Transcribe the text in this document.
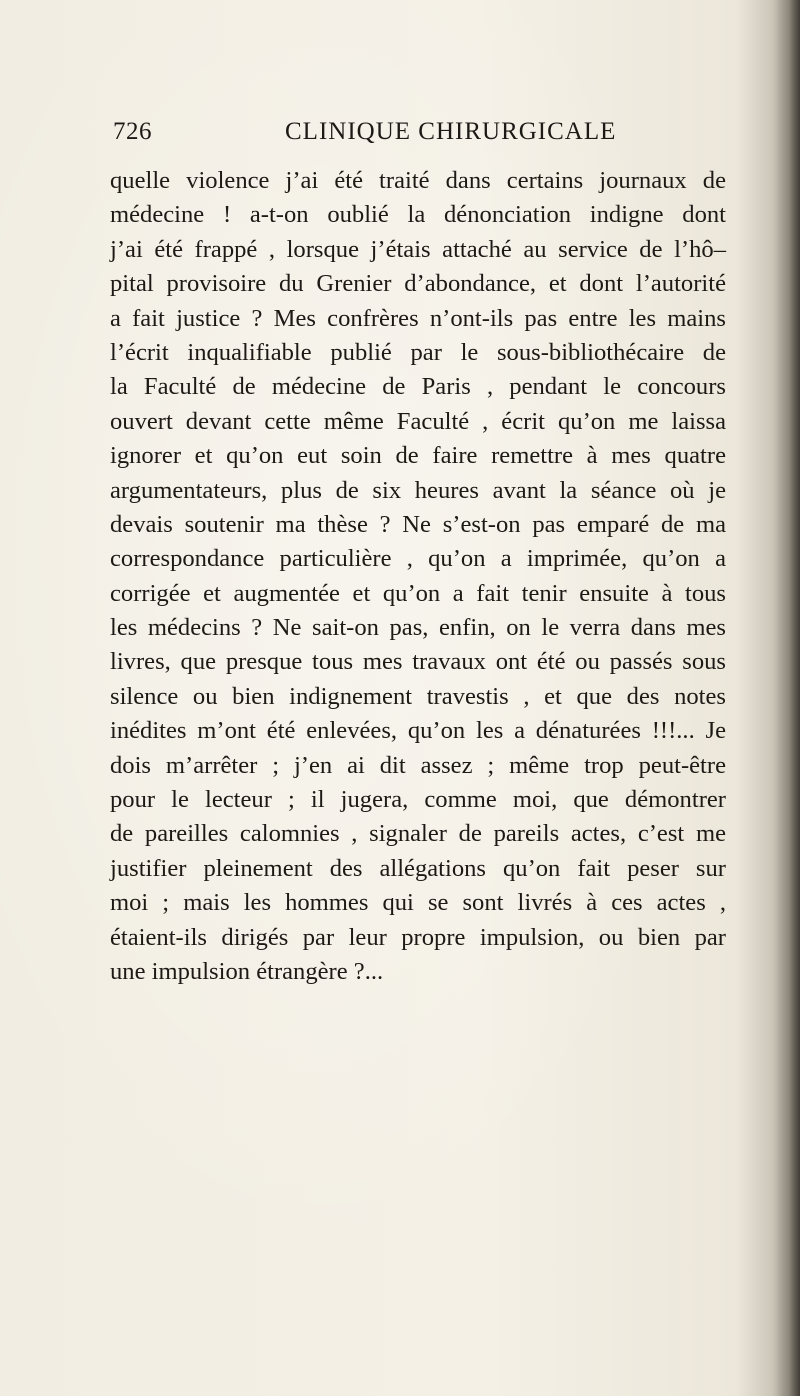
726	CLINIQUE CHIRURGICALE
quelle violence j’ai été traité dans certains journaux de
médecine ! a-t-on oublié la dénonciation indigne dont
j’ai été frappé , lorsque j’étais attaché au service de l’hô–
pital provisoire du Grenier d’abondance, et dont l’autorité
a fait justice ? Mes confrères n’ont-ils pas entre les mains
l’écrit inqualifiable publié par le sous-bibliothécaire de
la Faculté de médecine de Paris , pendant le concours
ouvert devant cette même Faculté , écrit qu’on me laissa
ignorer et qu’on eut soin de faire remettre à mes quatre
argumentateurs, plus de six heures avant la séance où je
devais soutenir ma thèse ? Ne s’est-on pas emparé de ma
correspondance particulière , qu’on a imprimée, qu’on a
corrigée et augmentée et qu’on a fait tenir ensuite à tous
les médecins ? Ne sait-on pas, enfin, on le verra dans mes
livres, que presque tous mes travaux ont été ou passés sous
silence ou bien indignement travestis , et que des notes
inédites m’ont été enlevées, qu’on les a dénaturées !!!... Je
dois m’arrêter ; j’en ai dit assez ; même trop peut-être
pour le lecteur ; il jugera, comme moi, que démontrer
de pareilles calomnies , signaler de pareils actes, c’est me
justifier pleinement des allégations qu’on fait peser sur
moi ; mais les hommes qui se sont livrés à ces actes ,
étaient-ils dirigés par leur propre impulsion, ou bien par
une impulsion étrangère ?...
